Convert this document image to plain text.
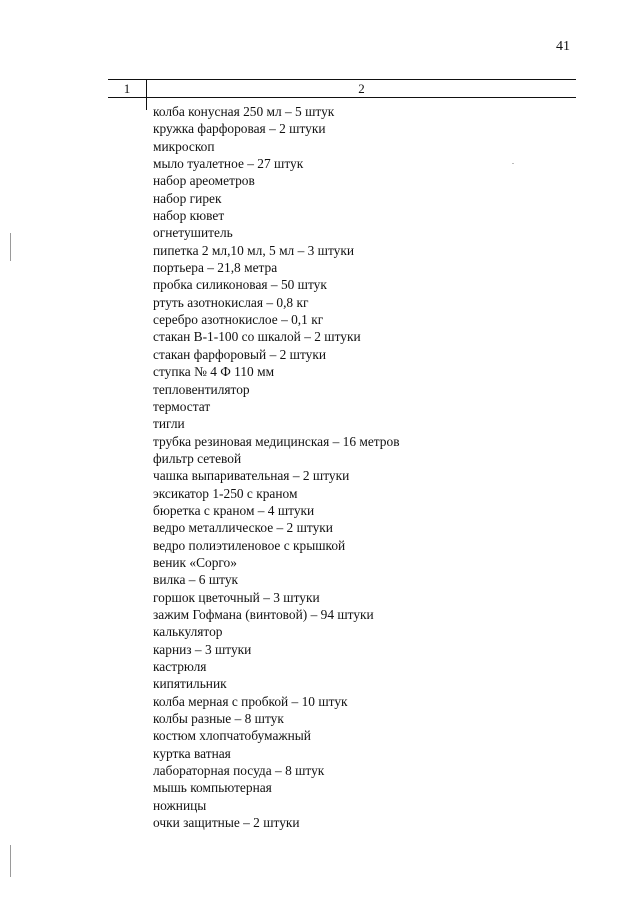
41
1	2
колба конусная 250 мл – 5 штук
кружка фарфоровая – 2 штуки
микроскоп
мыло туалетное – 27 штук
набор ареометров
набор гирек
набор кювет
огнетушитель
пипетка 2 мл,10 мл, 5 мл – 3 штуки
портьера – 21,8 метра
пробка силиконовая – 50 штук
ртуть азотнокислая – 0,8 кг
серебро азотнокислое – 0,1 кг
стакан В-1-100 со шкалой – 2 штуки
стакан фарфоровый – 2 штуки
ступка № 4 Ф 110 мм
тепловентилятор
термостат
тигли
трубка резиновая медицинская – 16 метров
фильтр сетевой
чашка выпаривательная – 2 штуки
эксикатор 1-250 с краном
бюретка с краном – 4 штуки
ведро металлическое – 2 штуки
ведро полиэтиленовое с крышкой
веник «Сорго»
вилка – 6 штук
горшок цветочный – 3 штуки
зажим Гофмана (винтовой) – 94 штуки
калькулятор
карниз – 3 штуки
кастрюля
кипятильник
колба мерная с пробкой – 10 штук
колбы разные – 8 штук
костюм хлопчатобумажный
куртка ватная
лабораторная посуда – 8 штук
мышь компьютерная
ножницы
очки защитные – 2 штуки
